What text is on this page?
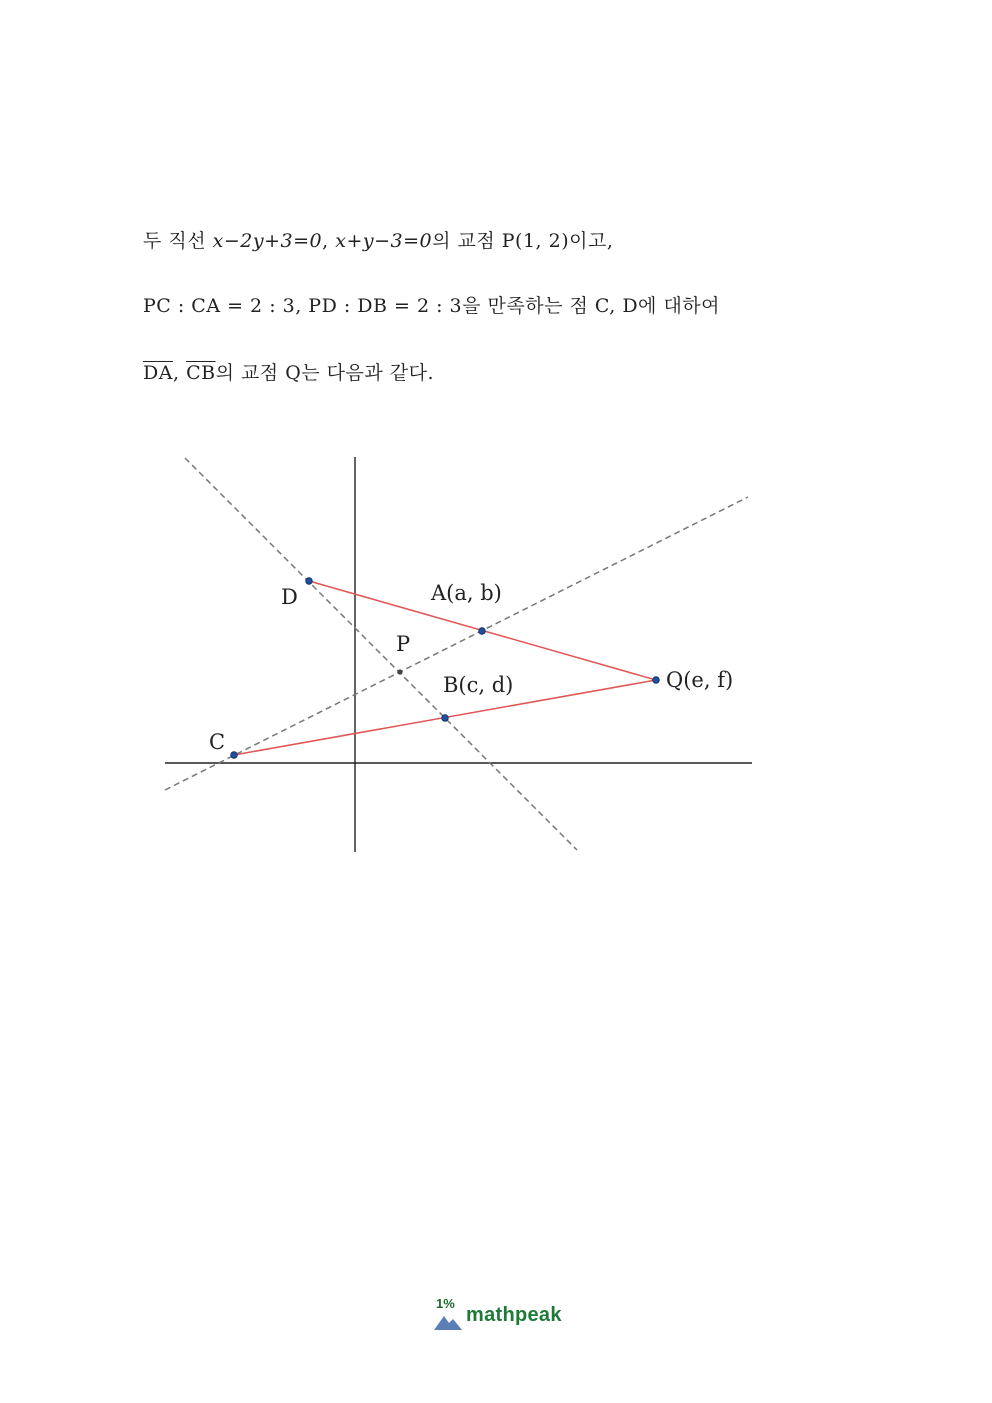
두 직선 x−2y+3=0, x+y−3=0의 교점 P(1, 2)이고,
PC : CA = 2 : 3, PD : DB = 2 : 3을 만족하는 점 C, D에 대하여
$\overline{DA}$, $\overline{CB}$의 교점 Q는 다음과 같다.
D	A(a, b)
P
B(c, d)	Q(e, f)
C
1%
mathpeak
